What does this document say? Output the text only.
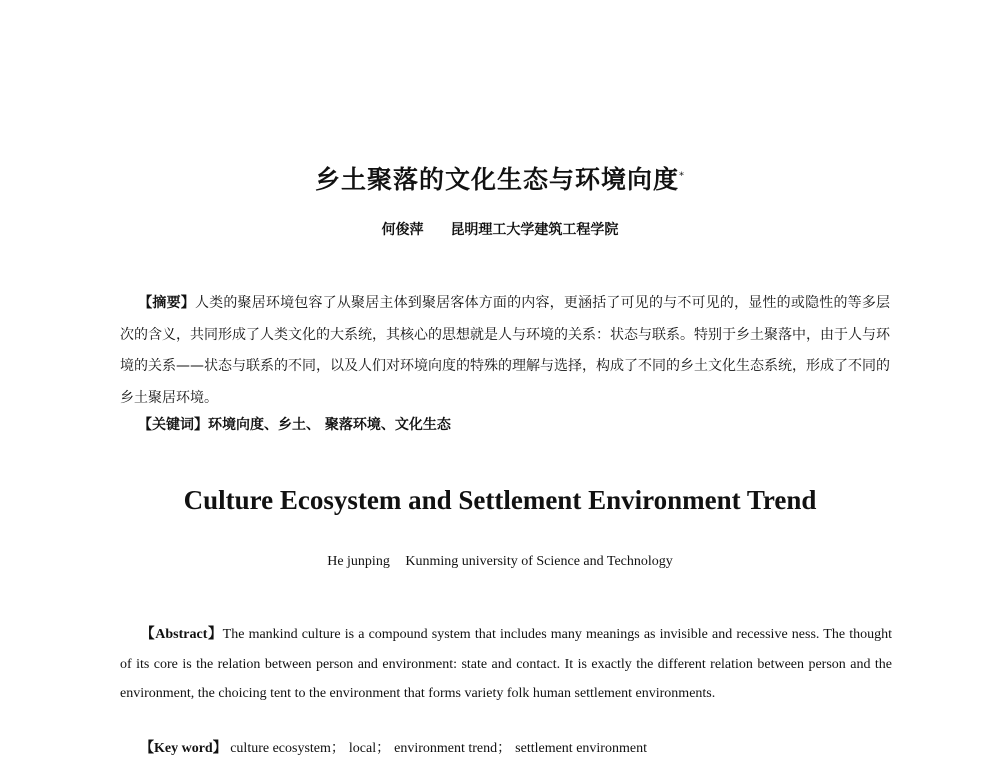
乡土聚落的文化生态与环境向度*
何俊萍 昆明理工大学建筑工程学院
【摘要】人类的聚居环境包容了从聚居主体到聚居客体方面的内容，更涵括了可见的与不可见的，显性的或隐性的等多层次的含义，共同形成了人类文化的大系统，其核心的思想就是人与环境的关系：状态与联系。特别于乡土聚落中，由于人与环境的关系——状态与联系的不同，以及人们对环境向度的特殊的理解与选择，构成了不同的乡土文化生态系统，形成了不同的乡土聚居环境。
【关键词】环境向度、乡土、 聚落环境、文化生态
Culture Ecosystem and Settlement Environment Trend
He junping Kunming university of Science and Technology
【Abstract】The mankind culture is a compound system that includes many meanings as invisible and recessive ness. The thought of its core is the relation between person and environment: state and contact. It is exactly the different relation between person and the environment, the choicing tent to the environment that forms variety folk human settlement environments.
【Key word】 culture ecosystem； local； environment trend； settlement environment
